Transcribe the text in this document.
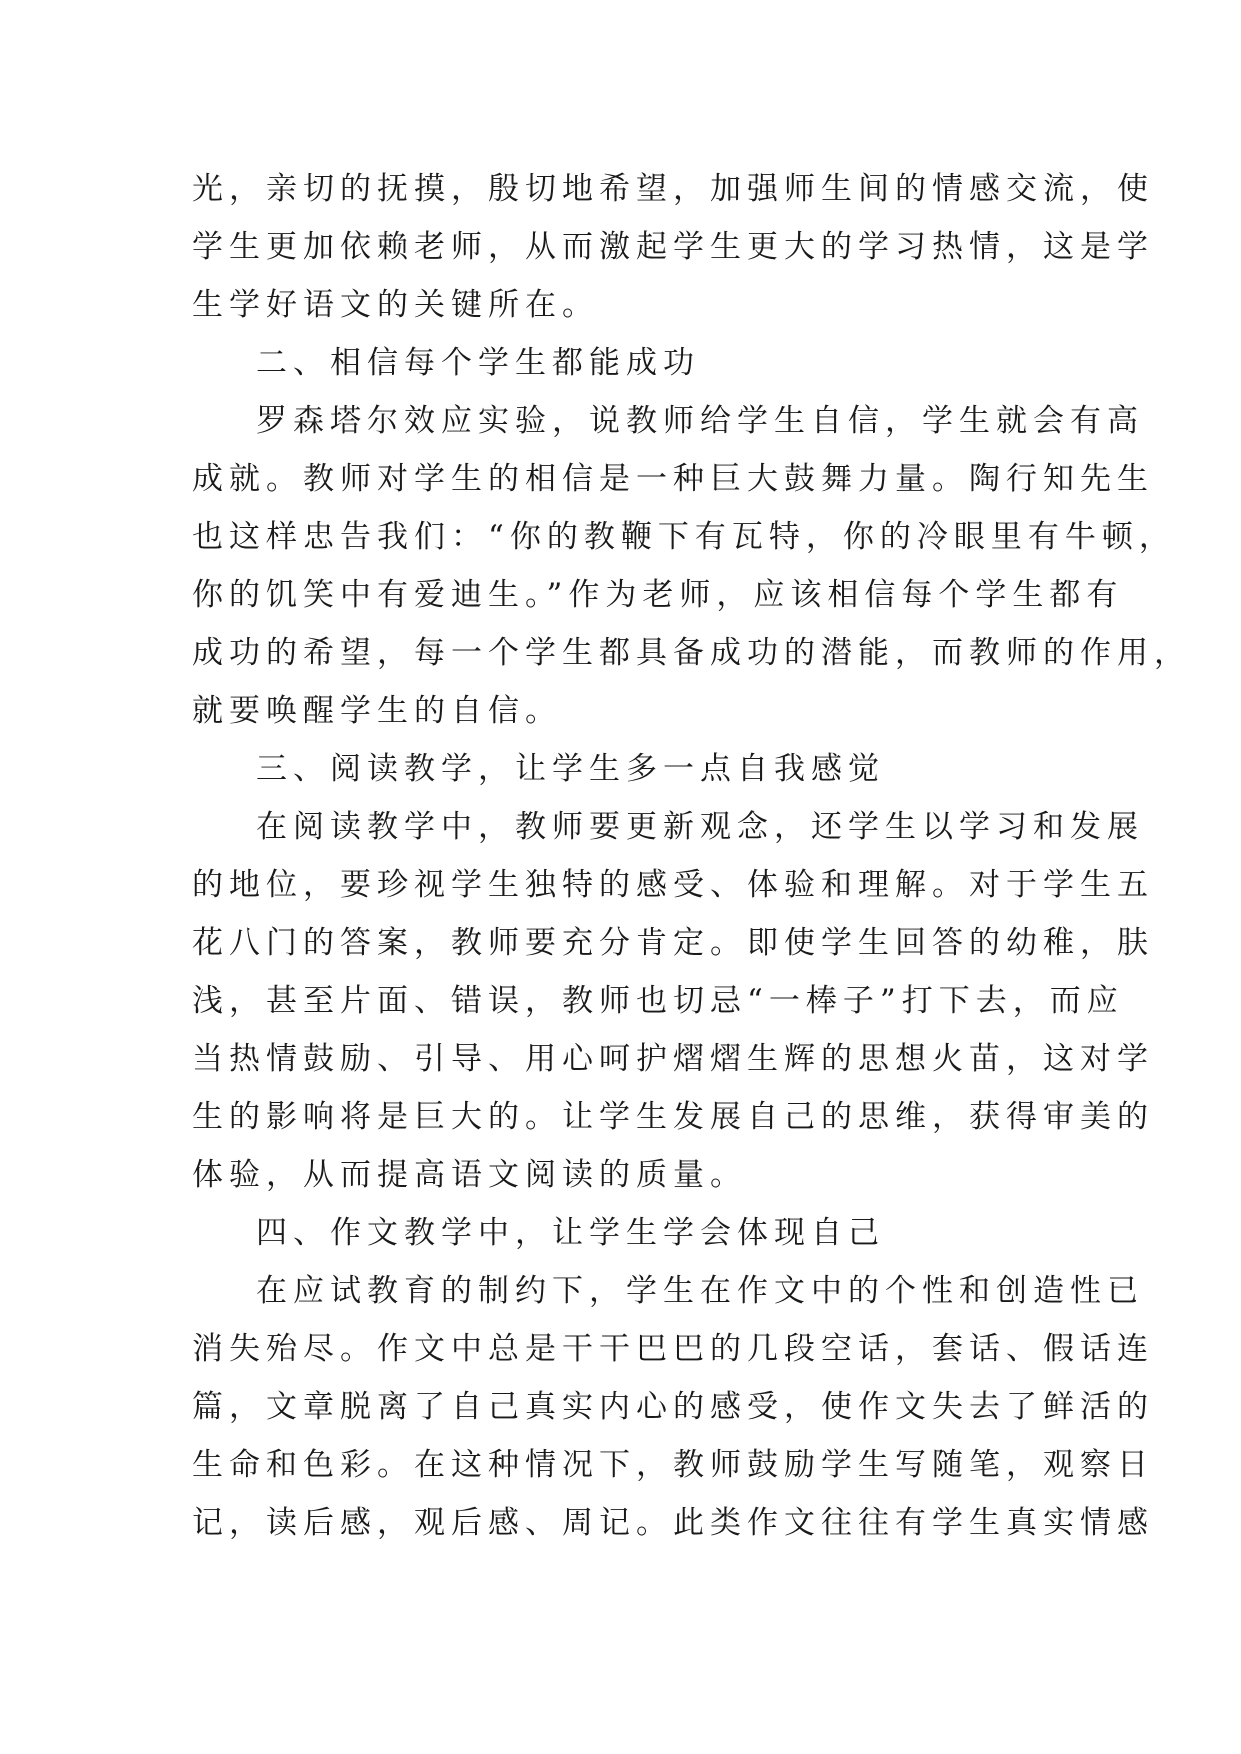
光，亲切的抚摸，殷切地希望，加强师生间的情感交流，使
学生更加依赖老师，从而激起学生更大的学习热情，这是学
生学好语文的关键所在。
二、相信每个学生都能成功
罗森塔尔效应实验，说教师给学生自信，学生就会有高
成就。教师对学生的相信是一种巨大鼓舞力量。陶行知先生
也这样忠告我们：“你的教鞭下有瓦特，你的冷眼里有牛顿，
你的饥笑中有爱迪生。”作为老师，应该相信每个学生都有
成功的希望，每一个学生都具备成功的潜能，而教师的作用，
就要唤醒学生的自信。
三、阅读教学，让学生多一点自我感觉
在阅读教学中，教师要更新观念，还学生以学习和发展
的地位，要珍视学生独特的感受、体验和理解。对于学生五
花八门的答案，教师要充分肯定。即使学生回答的幼稚，肤
浅，甚至片面、错误，教师也切忌“一棒子”打下去，而应
当热情鼓励、引导、用心呵护熠熠生辉的思想火苗，这对学
生的影响将是巨大的。让学生发展自己的思维，获得审美的
体验，从而提高语文阅读的质量。
四、作文教学中，让学生学会体现自己
在应试教育的制约下，学生在作文中的个性和创造性已
消失殆尽。作文中总是干干巴巴的几段空话，套话、假话连
篇，文章脱离了自己真实内心的感受，使作文失去了鲜活的
生命和色彩。在这种情况下，教师鼓励学生写随笔，观察日
记，读后感，观后感、周记。此类作文往往有学生真实情感
